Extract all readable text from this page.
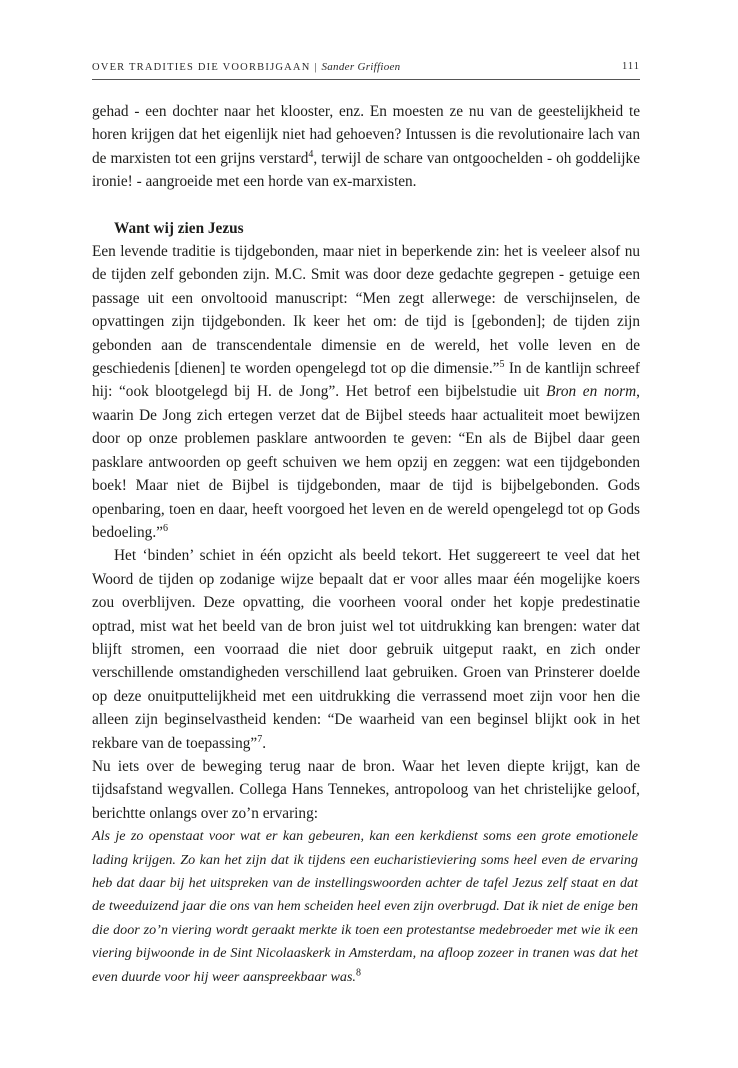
OVER TRADITIES DIE VOORBIJGAAN | Sander Griffioen	111

gehad - een dochter naar het klooster, enz. En moesten ze nu van de geestelijkheid te horen krijgen dat het eigenlijk niet had gehoeven? Intussen is die revolutionaire lach van de marxisten tot een grijns verstard$^4$, terwijl de schare van ontgoochelden - oh goddelijke ironie! - aangroeide met een horde van ex-marxisten.

Want wij zien Jezus

Een levende traditie is tijdgebonden, maar niet in beperkende zin: het is veeleer alsof nu de tijden zelf gebonden zijn. M.C. Smit was door deze gedachte gegrepen - getuige een passage uit een onvoltooid manuscript: “Men zegt allerwege: de verschijnselen, de opvattingen zijn tijdgebonden. Ik keer het om: de tijd is [gebonden]; de tijden zijn gebonden aan de transcendentale dimensie en de wereld, het volle leven en de geschiedenis [dienen] te worden opengelegd tot op die dimensie.”$^5$ In de kantlijn schreef hij: “ook blootgelegd bij H. de Jong”. Het betrof een bijbelstudie uit Bron en norm, waarin De Jong zich ertegen verzet dat de Bijbel steeds haar actualiteit moet bewijzen door op onze problemen pasklare antwoorden te geven: “En als de Bijbel daar geen pasklare antwoorden op geeft schuiven we hem opzij en zeggen: wat een tijdgebonden boek! Maar niet de Bijbel is tijdgebonden, maar de tijd is bijbelgebonden. Gods openbaring, toen en daar, heeft voorgoed het leven en de wereld opengelegd tot op Gods bedoeling.”$^6$

Het ‘binden’ schiet in één opzicht als beeld tekort. Het suggereert te veel dat het Woord de tijden op zodanige wijze bepaalt dat er voor alles maar één mogelijke koers zou overblijven. Deze opvatting, die voorheen vooral onder het kopje predestinatie optrad, mist wat het beeld van de bron juist wel tot uitdrukking kan brengen: water dat blijft stromen, een voorraad die niet door gebruik uitgeput raakt, en zich onder verschillende omstandigheden verschillend laat gebruiken. Groen van Prinsterer doelde op deze onuitputtelijkheid met een uitdrukking die verrassend moet zijn voor hen die alleen zijn beginselvastheid kenden: “De waarheid van een beginsel blijkt ook in het rekbare van de toepassing”$^7$.

Nu iets over de beweging terug naar de bron. Waar het leven diepte krijgt, kan de tijdsafstand wegvallen. Collega Hans Tennekes, antropoloog van het christelijke geloof, berichtte onlangs over zo’n ervaring:

Als je zo openstaat voor wat er kan gebeuren, kan een kerkdienst soms een grote emotionele lading krijgen. Zo kan het zijn dat ik tijdens een eucharistieviering soms heel even de ervaring heb dat daar bij het uitspreken van de instellingswoorden achter de tafel Jezus zelf staat en dat de tweeduizend jaar die ons van hem scheiden heel even zijn overbrugd. Dat ik niet de enige ben die door zo’n viering wordt geraakt merkte ik toen een protestantse medebroeder met wie ik een viering bijwoonde in de Sint Nicolaaskerk in Amsterdam, na afloop zozeer in tranen was dat het even duurde voor hij weer aanspreekbaar was.$^8$
